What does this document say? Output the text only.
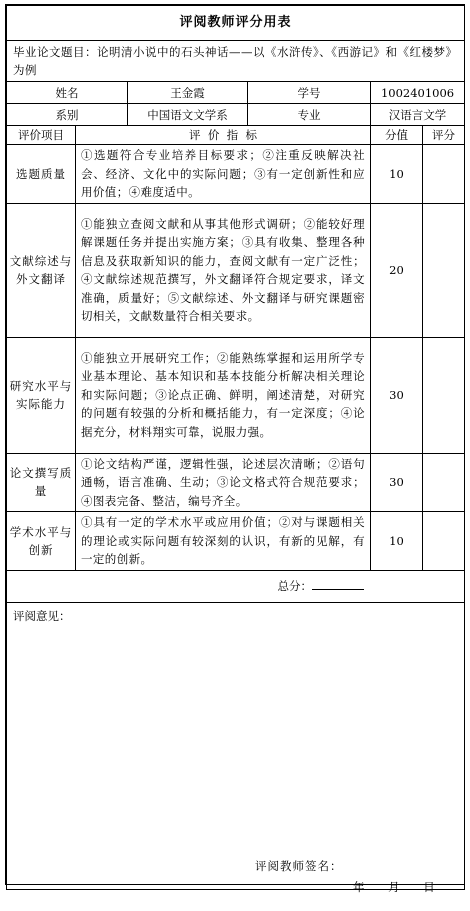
评阅教师评分用表					
毕业论文题目：论明清小说中的石头神话——以《水浒传》、《西游记》和《红楼梦》为例					
姓名		王金霞	学号	1002401006	
系别		中国语文文学系	专业	汉语言文学	
评价项目	评  价  指  标			分值	评分
选题质量	①选题符合专业培养目标要求；②注重反映解决社会、经济、文化中的实际问题；③有一定创新性和应用价值；④难度适中。			10	
文献综述与外文翻译	①能独立查阅文献和从事其他形式调研；②能较好理解课题任务并提出实施方案；③具有收集、整理各种信息及获取新知识的能力，查阅文献有一定广泛性；④文献综述规范撰写，外文翻译符合规定要求，译文准确，质量好；⑤文献综述、外文翻译与研究课题密切相关，文献数量符合相关要求。			20	
研究水平与实际能力	①能独立开展研究工作；②能熟练掌握和运用所学专业基本理论、基本知识和基本技能分析解决相关理论和实际问题；③论点正确、鲜明，阐述清楚，对研究的问题有较强的分析和概括能力，有一定深度；④论据充分，材料翔实可靠，说服力强。			30	
论文撰写质 量	①论文结构严谨，逻辑性强，论述层次清晰；②语句通畅，语言准确、生动；③论文格式符合规范要求；④图表完备、整洁，编号齐全。			30	
学术水平与创新	①具有一定的学术水平或应用价值；②对与课题相关的理论或实际问题有较深刻的认识，有新的见解，有一定的创新。			10	
总分：					

评阅意见：
评阅教师签名：
年 月 日					
